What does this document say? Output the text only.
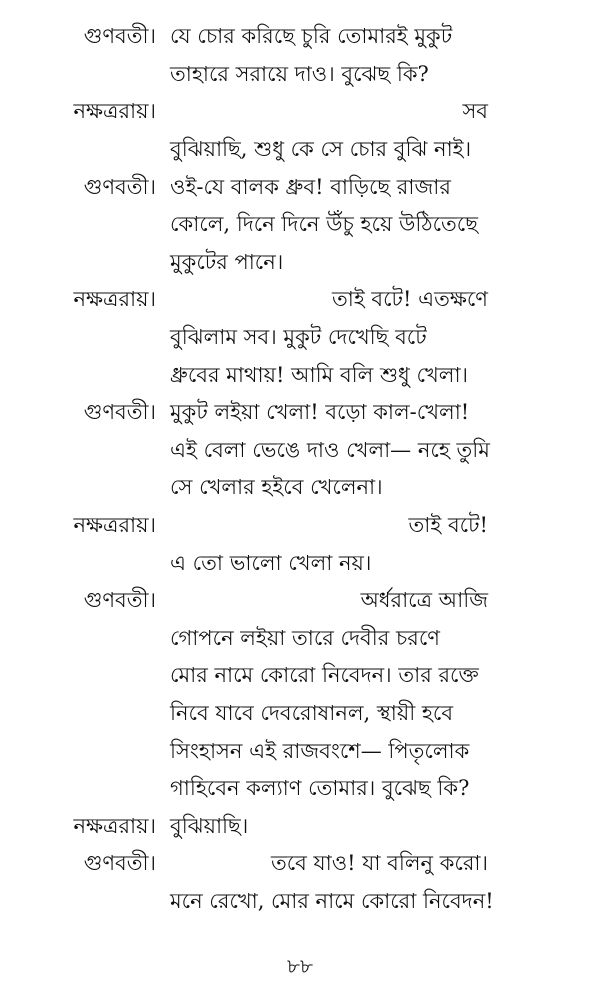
গুণবতী। যে চোর করিছে চুরি তোমারই মুকুট
তাহারে সরায়ে দাও। বুঝেছ কি?
নক্ষত্ররায়।	সব
বুঝিয়াছি, শুধু কে সে চোর বুঝি নাই।
গুণবতী। ওই-যে বালক ধ্রুব! বাড়িছে রাজার
কোলে, দিনে দিনে উঁচু হয়ে উঠিতেছে
মুকুটের পানে।
নক্ষত্ররায়।	তাই বটে! এতক্ষণে
বুঝিলাম সব। মুকুট দেখেছি বটে
ধ্রুবের মাথায়! আমি বলি শুধু খেলা।
গুণবতী। মুকুট লইয়া খেলা! বড়ো কাল-খেলা!
এই বেলা ভেঙে দাও খেলা— নহে তুমি
সে খেলার হইবে খেলেনা।
নক্ষত্ররায়।	তাই বটে!
এ তো ভালো খেলা নয়।
গুণবতী।	অর্ধরাত্রে আজি
গোপনে লইয়া তারে দেবীর চরণে
মোর নামে কোরো নিবেদন। তার রক্তে
নিবে যাবে দেবরোষানল, স্থায়ী হবে
সিংহাসন এই রাজবংশে— পিতৃলোক
গাহিবেন কল্যাণ তোমার। বুঝেছ কি?
নক্ষত্ররায়। বুঝিয়াছি।
গুণবতী।	তবে যাও! যা বলিনু করো।
মনে রেখো, মোর নামে কোরো নিবেদন!
৮৮
